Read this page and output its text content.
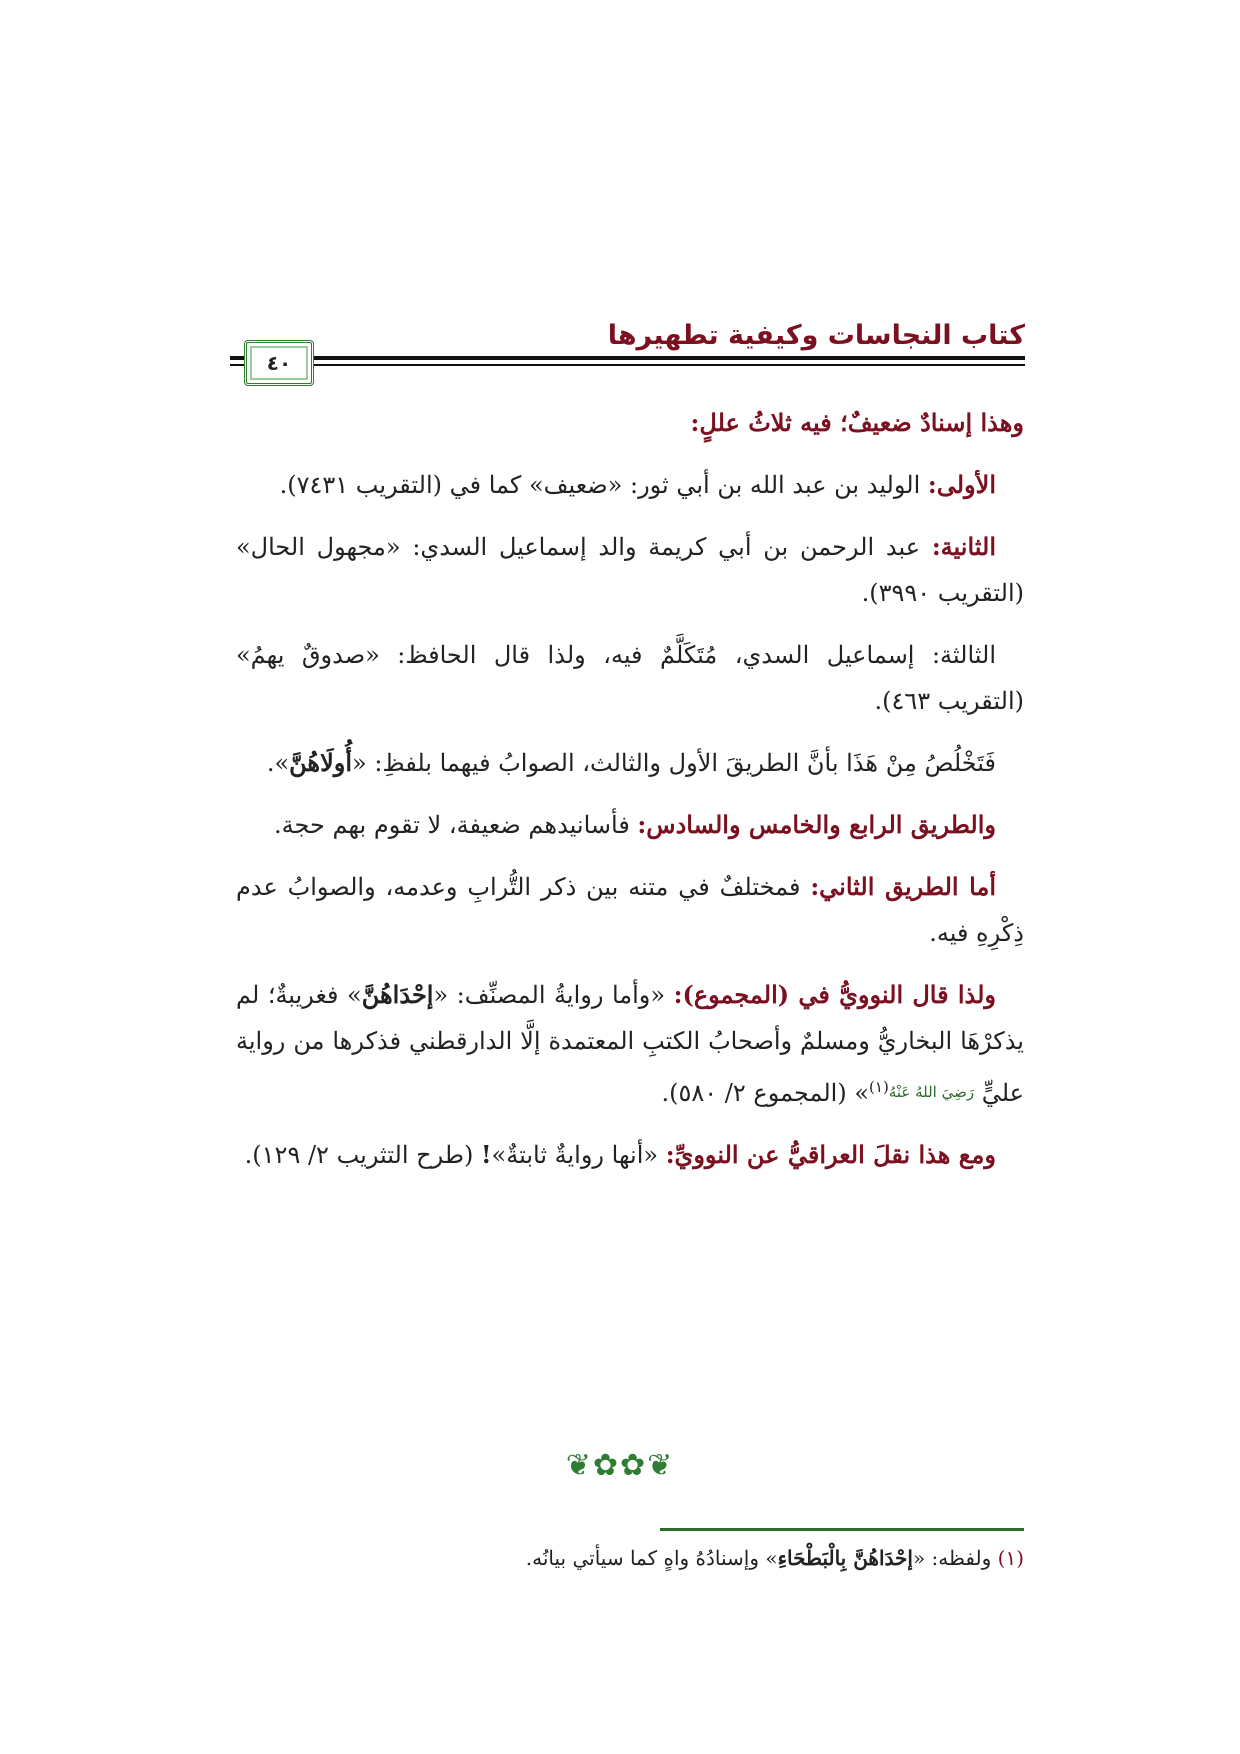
كتاب النجاسات وكيفية تطهيرها
٤٠

وهذا إسنادٌ ضعيفٌ؛ فيه ثلاثُ عللٍ:

الأولى: الوليد بن عبد الله بن أبي ثور: «ضعيف» كما في (التقريب ٧٤٣١).

الثانية: عبد الرحمن بن أبي كريمة والد إسماعيل السدي: «مجهول الحال» (التقريب ٣٩٩٠).

الثالثة: إسماعيل السدي، مُتَكَلَّمٌ فيه، ولذا قال الحافظ: «صدوقٌ يهمُ» (التقريب ٤٦٣).

فَتَخْلُصُ مِنْ هَذَا بأنَّ الطريقَ الأول والثالث، الصوابُ فيهما بلفظِ: «أُولَاهُنَّ».

والطريق الرابع والخامس والسادس: فأسانيدهم ضعيفة، لا تقوم بهم حجة.

أما الطريق الثاني: فمختلفٌ في متنه بين ذكر التُّرابِ وعدمه، والصوابُ عدم ذِكْرِهِ فيه.

ولذا قال النوويُّ في (المجموع): «وأما روايةُ المصنِّف: «إحْدَاهُنَّ» فغريبةٌ؛ لم يذكرْهَا البخاريُّ ومسلمٌ وأصحابُ الكتبِ المعتمدة إلَّا الدارقطني فذكرها من رواية عليٍّ رَضِيَ اللهُ عَنْهُ$^{(١)}$» (المجموع ٢/ ٥٨٠).

ومع هذا نقلَ العراقيُّ عن النوويِّ: «أنها روايةٌ ثابتةٌ»! (طرح التثريب ٢/ ١٢٩).

❦✿✿❦
(١) ولفظه: «إحْدَاهُنَّ بِالْبَطْحَاءِ» وإسنادُهُ واهٍ كما سيأتي بيانُه.
